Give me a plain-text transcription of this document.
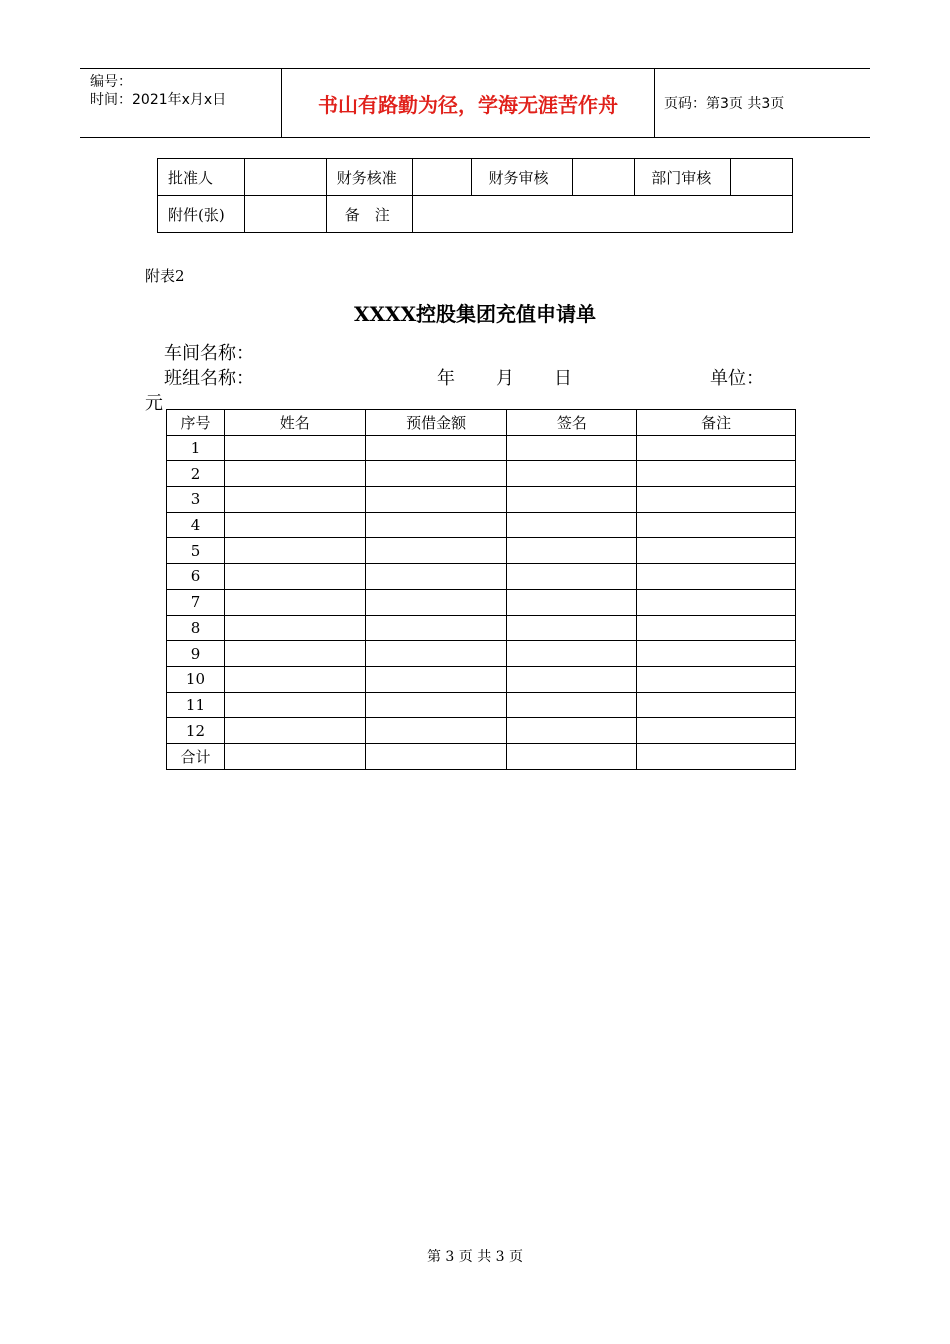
编号：
时间：2021年x月x日	书山有路勤为径，学海无涯苦作舟	页码：第3页 共3页
批准人		财务核准		财务审核		部门审核	
附件(张)		备　注					
附表2
XXXX控股集团充值申请单
车间名称：
班组名称：	年 月 日	单位：
元
序号	姓名	预借金额	签名	备注
1				
2				
3				
4				
5				
6				
7				
8				
9				
10				
11				
12				
合计				
第 3 页 共 3 页
